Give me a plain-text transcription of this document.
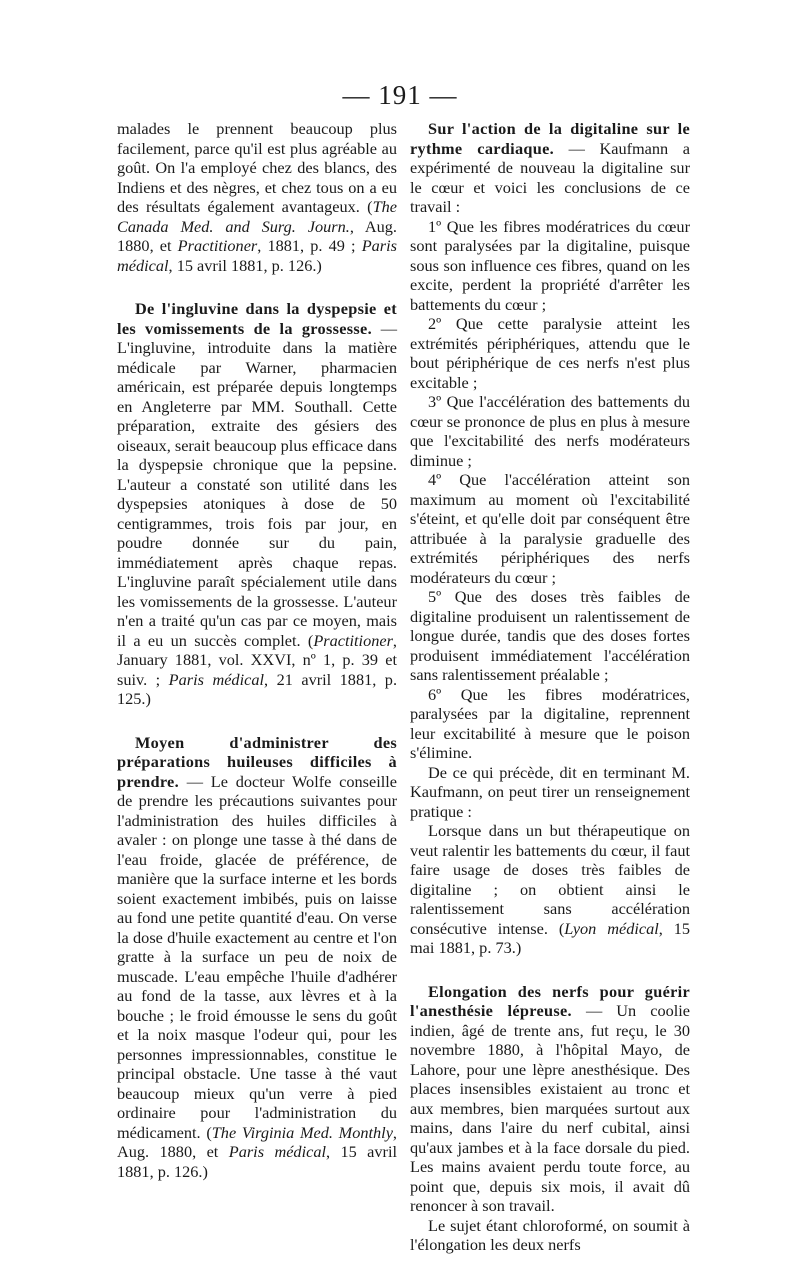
— 191 —

malades le prennent beaucoup plus facilement, parce qu'il est plus agréable au goût. On l'a employé chez des blancs, des Indiens et des nègres, et chez tous on a eu des résultats également avantageux. (The Canada Med. and Surg. Journ., Aug. 1880, et Practitioner, 1881, p. 49 ; Paris médical, 15 avril 1881, p. 126.)

De l'ingluvine dans la dyspepsie et les vomissements de la grossesse. — L'ingluvine, introduite dans la matière médicale par Warner, pharmacien américain, est préparée depuis longtemps en Angleterre par MM. Southall. Cette préparation, extraite des gésiers des oiseaux, serait beaucoup plus efficace dans la dyspepsie chronique que la pepsine. L'auteur a constaté son utilité dans les dyspepsies atoniques à dose de 50 centigrammes, trois fois par jour, en poudre donnée sur du pain, immédiatement après chaque repas. L'ingluvine paraît spécialement utile dans les vomissements de la grossesse. L'auteur n'en a traité qu'un cas par ce moyen, mais il a eu un succès complet. (Practitioner, January 1881, vol. XXVI, nº 1, p. 39 et suiv. ; Paris médical, 21 avril 1881, p. 125.)

Moyen d'administrer des préparations huileuses difficiles à prendre. — Le docteur Wolfe conseille de prendre les précautions suivantes pour l'administration des huiles difficiles à avaler : on plonge une tasse à thé dans de l'eau froide, glacée de préférence, de manière que la surface interne et les bords soient exactement imbibés, puis on laisse au fond une petite quantité d'eau. On verse la dose d'huile exactement au centre et l'on gratte à la surface un peu de noix de muscade. L'eau empêche l'huile d'adhérer au fond de la tasse, aux lèvres et à la bouche ; le froid émousse le sens du goût et la noix masque l'odeur qui, pour les personnes impressionnables, constitue le principal obstacle. Une tasse à thé vaut beaucoup mieux qu'un verre à pied ordinaire pour l'administration du médicament. (The Virginia Med. Monthly, Aug. 1880, et Paris médical, 15 avril 1881, p. 126.)

Sur l'action de la digitaline sur le rythme cardiaque. — Kaufmann a expérimenté de nouveau la digitaline sur le cœur et voici les conclusions de ce travail :

1º Que les fibres modératrices du cœur sont paralysées par la digitaline, puisque sous son influence ces fibres, quand on les excite, perdent la propriété d'arrêter les battements du cœur ;

2º Que cette paralysie atteint les extrémités périphériques, attendu que le bout périphérique de ces nerfs n'est plus excitable ;

3º Que l'accélération des battements du cœur se prononce de plus en plus à mesure que l'excitabilité des nerfs modérateurs diminue ;

4º Que l'accélération atteint son maximum au moment où l'excitabilité s'éteint, et qu'elle doit par conséquent être attribuée à la paralysie graduelle des extrémités périphériques des nerfs modérateurs du cœur ;

5º Que des doses très faibles de digitaline produisent un ralentissement de longue durée, tandis que des doses fortes produisent immédiatement l'accélération sans ralentissement préalable ;

6º Que les fibres modératrices, paralysées par la digitaline, reprennent leur excitabilité à mesure que le poison s'élimine.

De ce qui précède, dit en terminant M. Kaufmann, on peut tirer un renseignement pratique :

Lorsque dans un but thérapeutique on veut ralentir les battements du cœur, il faut faire usage de doses très faibles de digitaline ; on obtient ainsi le ralentissement sans accélération consécutive intense. (Lyon médical, 15 mai 1881, p. 73.)

Elongation des nerfs pour guérir l'anesthésie lépreuse. — Un coolie indien, âgé de trente ans, fut reçu, le 30 novembre 1880, à l'hôpital Mayo, de Lahore, pour une lèpre anesthésique. Des places insensibles existaient au tronc et aux membres, bien marquées surtout aux mains, dans l'aire du nerf cubital, ainsi qu'aux jambes et à la face dorsale du pied. Les mains avaient perdu toute force, au point que, depuis six mois, il avait dû renoncer à son travail.

Le sujet étant chloroformé, on soumit à l'élongation les deux nerfs
